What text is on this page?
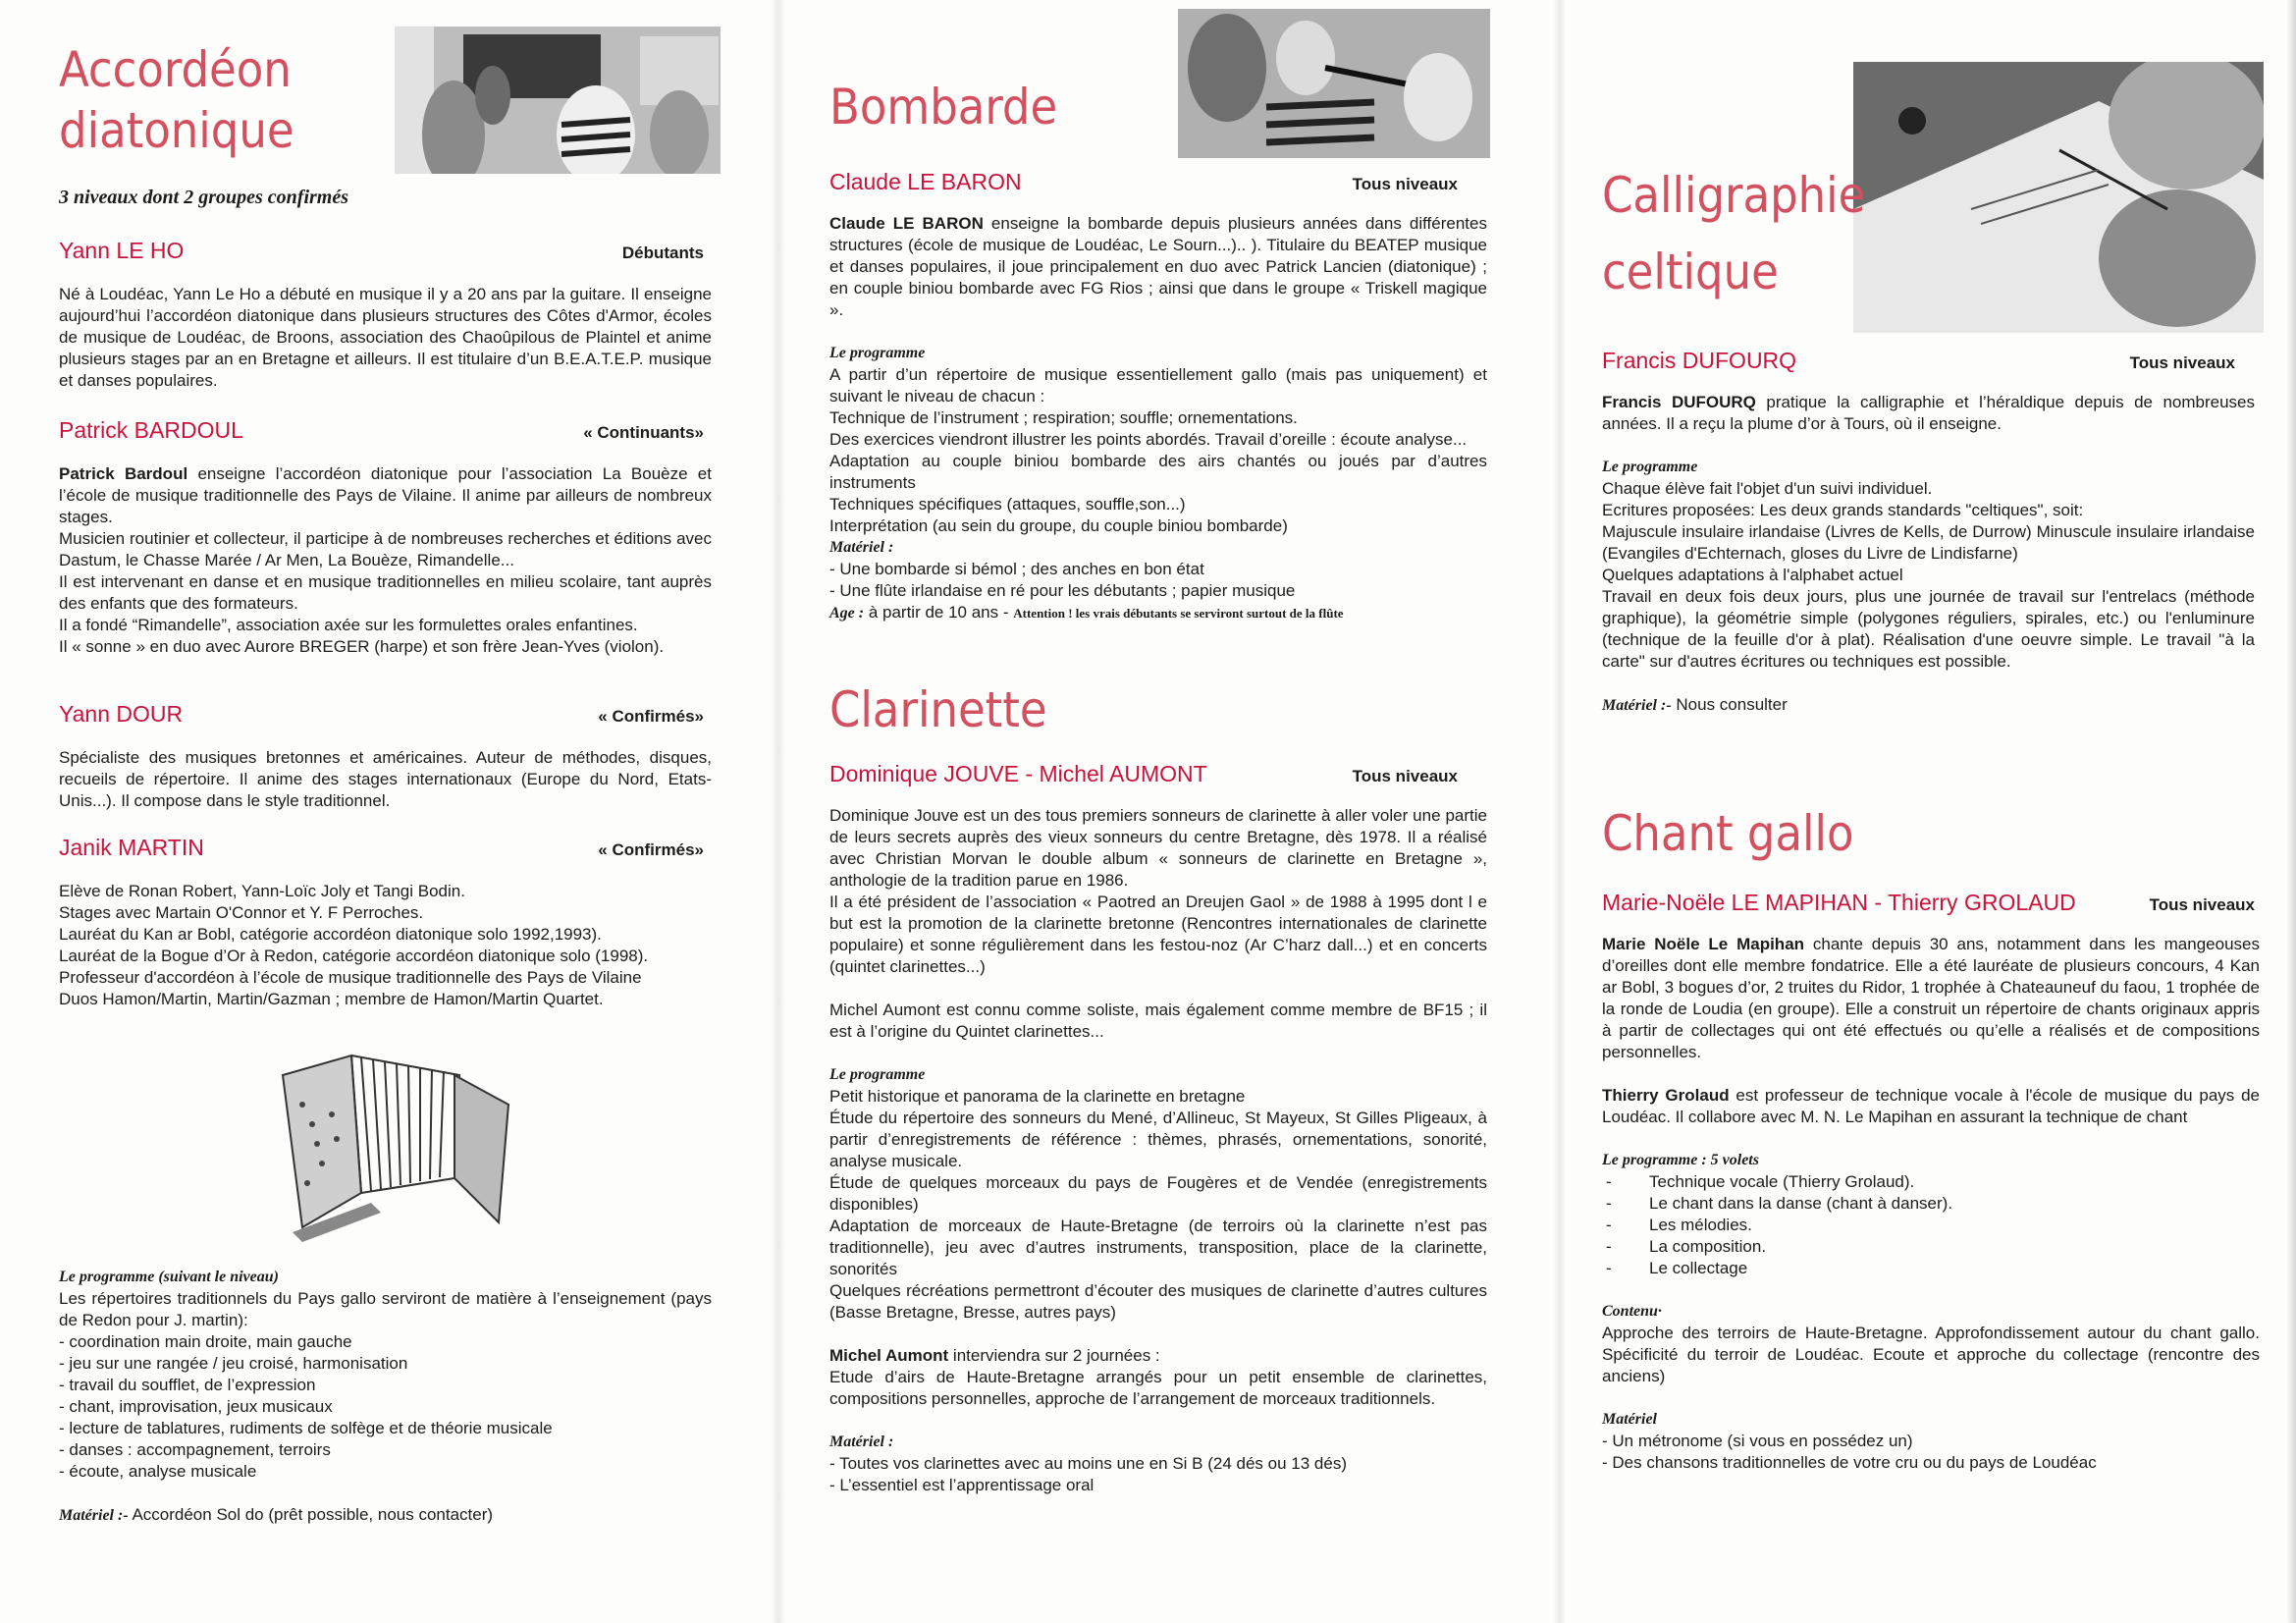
Accordéon
diatonique
3 niveaux dont 2 groupes confirmés
Yann LE HO	Débutants

Né à Loudéac, Yann Le Ho a débuté en musique il y a 20 ans par la guitare. Il enseigne aujourd’hui l’accordéon diatonique dans plusieurs structures des Côtes d'Armor, écoles de musique de Loudéac, de Broons, association des Chaoûpilous de Plaintel et anime plusieurs stages par an en Bretagne et ailleurs. Il est titulaire d’un B.E.A.T.E.P. musique et danses populaires.

Patrick BARDOUL	« Continuants»

Patrick Bardoul enseigne l’accordéon diatonique pour l’association La Bouèze et l’école de musique traditionnelle des Pays de Vilaine. Il anime par ailleurs de nombreux stages.

Musicien routinier et collecteur, il participe à de nombreuses recherches et éditions avec Dastum, le Chasse Marée / Ar Men, La Bouèze, Rimandelle...

Il est intervenant en danse et en musique traditionnelles en milieu scolaire, tant auprès des enfants que des formateurs.

Il a fondé “Rimandelle”, association axée sur les formulettes orales enfantines.

Il « sonne » en duo avec Aurore BREGER (harpe) et son frère Jean-Yves (violon).

Yann DOUR	« Confirmés»

Spécialiste des musiques bretonnes et américaines. Auteur de méthodes, disques, recueils de répertoire. Il anime des stages internationaux (Europe du Nord, Etats-Unis...). Il compose dans le style traditionnel.

Janik MARTIN	« Confirmés»

Elève de Ronan Robert, Yann-Loïc Joly et Tangi Bodin.

Stages avec Martain O'Connor et Y. F Perroches.

Lauréat du Kan ar Bobl, catégorie accordéon diatonique solo 1992,1993).

Lauréat de la Bogue d’Or à Redon, catégorie accordéon diatonique solo (1998).

Professeur d'accordéon à l’école de musique traditionnelle des Pays de Vilaine

Duos Hamon/Martin, Martin/Gazman ; membre de Hamon/Martin Quartet.

Le programme (suivant le niveau)

Les répertoires traditionnels du Pays gallo serviront de matière à l’enseignement (pays de Redon pour J. martin):

- coordination main droite, main gauche
- jeu sur une rangée / jeu croisé, harmonisation
- travail du soufflet, de l’expression
- chant, improvisation, jeux musicaux
- lecture de tablatures, rudiments de solfège et de théorie musicale
- danses : accompagnement, terroirs
- écoute, analyse musicale

Matériel :- Accordéon Sol do (prêt possible, nous contacter)

Bombarde
Claude LE BARON	Tous niveaux

Claude LE BARON enseigne la bombarde depuis plusieurs années dans différentes structures (école de musique de Loudéac, Le Sourn...).. ). Titulaire du BEATEP musique et danses populaires, il joue principalement en duo avec Patrick Lancien (diatonique) ; en couple biniou bombarde avec FG Rios ; ainsi que dans le groupe « Triskell magique ».

Le programme

A partir d’un répertoire de musique essentiellement gallo (mais pas uniquement) et suivant le niveau de chacun :

Technique de l’instrument ; respiration; souffle; ornementations.

Des exercices viendront illustrer les points abordés. Travail d’oreille : écoute analyse...

Adaptation au couple biniou bombarde des airs chantés ou joués par d’autres instruments

Techniques spécifiques (attaques, souffle,son...)

Interprétation (au sein du groupe, du couple biniou bombarde)

Matériel :

- Une bombarde si bémol ; des anches en bon état

- Une flûte irlandaise en ré pour les débutants ; papier musique

Age : à partir de 10 ans - Attention ! les vrais débutants se serviront surtout de la flûte

Clarinette
Dominique JOUVE - Michel AUMONT	Tous niveaux

Dominique Jouve est un des tous premiers sonneurs de clarinette à aller voler une partie de leurs secrets auprès des vieux sonneurs du centre Bretagne, dès 1978. Il a réalisé avec Christian Morvan le double album « sonneurs de clarinette en Bretagne », anthologie de la tradition parue en 1986.

Il a été président de l’association « Paotred an Dreujen Gaol » de 1988 à 1995 dont l e but est la promotion de la clarinette bretonne (Rencontres internationales de clarinette populaire) et sonne régulièrement dans les festou-noz (Ar C’harz dall...) et en concerts (quintet clarinettes...)

Michel Aumont est connu comme soliste, mais également comme membre de BF15 ; il est à l’origine du Quintet clarinettes...

Le programme

Petit historique et panorama de la clarinette en bretagne

Étude du répertoire des sonneurs du Mené, d’Allineuc, St Mayeux, St Gilles Pligeaux, à partir d’enregistrements de référence : thèmes, phrasés, ornementations, sonorité, analyse musicale.

Étude de quelques morceaux du pays de Fougères et de Vendée (enregistrements disponibles)

Adaptation de morceaux de Haute-Bretagne (de terroirs où la clarinette n’est pas traditionnelle), jeu avec d’autres instruments, transposition, place de la clarinette, sonorités

Quelques récréations permettront d’écouter des musiques de clarinette d’autres cultures (Basse Bretagne, Bresse, autres pays)

Michel Aumont interviendra sur 2 journées :

Etude d’airs de Haute-Bretagne arrangés pour un petit ensemble de clarinettes, compositions personnelles, approche de l’arrangement de morceaux traditionnels.

Matériel :

- Toutes vos clarinettes avec au moins une en Si B (24 dés ou 13 dés)

- L’essentiel est l’apprentissage oral

Calligraphie
celtique
Francis DUFOURQ	Tous niveaux

Francis DUFOURQ pratique la calligraphie et l’héraldique depuis de nombreuses années. Il a reçu la plume d’or à Tours, où il enseigne.

Le programme

Chaque élève fait l'objet d'un suivi individuel.

Ecritures proposées: Les deux grands standards "celtiques", soit:

Majuscule insulaire irlandaise (Livres de Kells, de Durrow) Minuscule insulaire irlandaise (Evangiles d'Echternach, gloses du Livre de Lindisfarne)

Quelques adaptations à l'alphabet actuel

Travail en deux fois deux jours, plus une journée de travail sur l'entrelacs (méthode graphique), la géométrie simple (polygones réguliers, spirales, etc.) ou l'enluminure (technique de la feuille d'or à plat). Réalisation d'une oeuvre simple. Le travail "à la carte" sur d'autres écritures ou techniques est possible.

Matériel :- Nous consulter

Chant gallo
Marie-Noële LE MAPIHAN - Thierry GROLAUD	Tous niveaux

Marie Noële Le Mapihan chante depuis 30 ans, notamment dans les mangeouses d’oreilles dont elle membre fondatrice. Elle a été lauréate de plusieurs concours, 4 Kan ar Bobl, 3 bogues d’or, 2 truites du Ridor, 1 trophée à Chateauneuf du faou, 1 trophée de la ronde de Loudia (en groupe). Elle a construit un répertoire de chants originaux appris à partir de collectages qui ont été effectués ou qu’elle a réalisés et de compositions personnelles.

Thierry Grolaud est professeur de technique vocale à l'école de musique du pays de Loudéac. Il collabore avec M. N. Le Mapihan en assurant la technique de chant

Le programme : 5 volets
- Technique vocale (Thierry Grolaud).
- Le chant dans la danse (chant à danser).
- Les mélodies.
- La composition.
- Le collectage
Contenu·

Approche des terroirs de Haute-Bretagne. Approfondissement autour du chant gallo. Spécificité du terroir de Loudéac. Ecoute et approche du collectage (rencontre des anciens)

Matériel

- Un métronome (si vous en possédez un)

- Des chansons traditionnelles de votre cru ou du pays de Loudéac
